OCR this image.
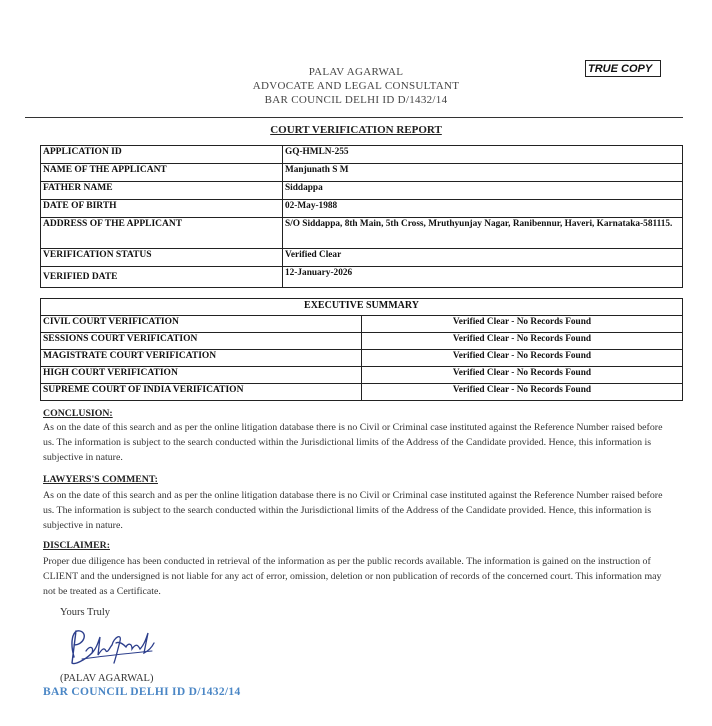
PALAV AGARWAL
ADVOCATE AND LEGAL CONSULTANT
BAR COUNCIL DELHI ID D/1432/14
TRUE COPY
COURT VERIFICATION REPORT
APPLICATION ID	GQ-HMLN-255
NAME OF THE APPLICANT	Manjunath S M
FATHER NAME	Siddappa
DATE OF BIRTH	02-May-1988
ADDRESS OF THE APPLICANT	S/O Siddappa, 8th Main, 5th Cross, Mruthyunjay Nagar, Ranibennur, Haveri, Karnataka-581115.
VERIFICATION STATUS	Verified Clear
VERIFIED DATE	12-January-2026
EXECUTIVE SUMMARY	
CIVIL COURT VERIFICATION	Verified Clear - No Records Found
SESSIONS COURT VERIFICATION	Verified Clear - No Records Found
MAGISTRATE COURT VERIFICATION	Verified Clear - No Records Found
HIGH COURT VERIFICATION	Verified Clear - No Records Found
SUPREME COURT OF INDIA VERIFICATION	Verified Clear - No Records Found
CONCLUSION:
As on the date of this search and as per the online litigation database there is no Civil or Criminal case instituted against the Reference Number raised before us. The information is subject to the search conducted within the Jurisdictional limits of the Address of the Candidate provided. Hence, this information is subjective in nature.
LAWYERS'S COMMENT:
As on the date of this search and as per the online litigation database there is no Civil or Criminal case instituted against the Reference Number raised before us. The information is subject to the search conducted within the Jurisdictional limits of the Address of the Candidate provided. Hence, this information is subjective in nature.
DISCLAIMER:
Proper due diligence has been conducted in retrieval of the information as per the public records available. The information is gained on the instruction of CLIENT and the undersigned is not liable for any act of error, omission, deletion or non publication of records of the concerned court. This information may not be treated as a Certificate.
Yours Truly
(PALAV AGARWAL)
BAR COUNCIL DELHI ID D/1432/14
